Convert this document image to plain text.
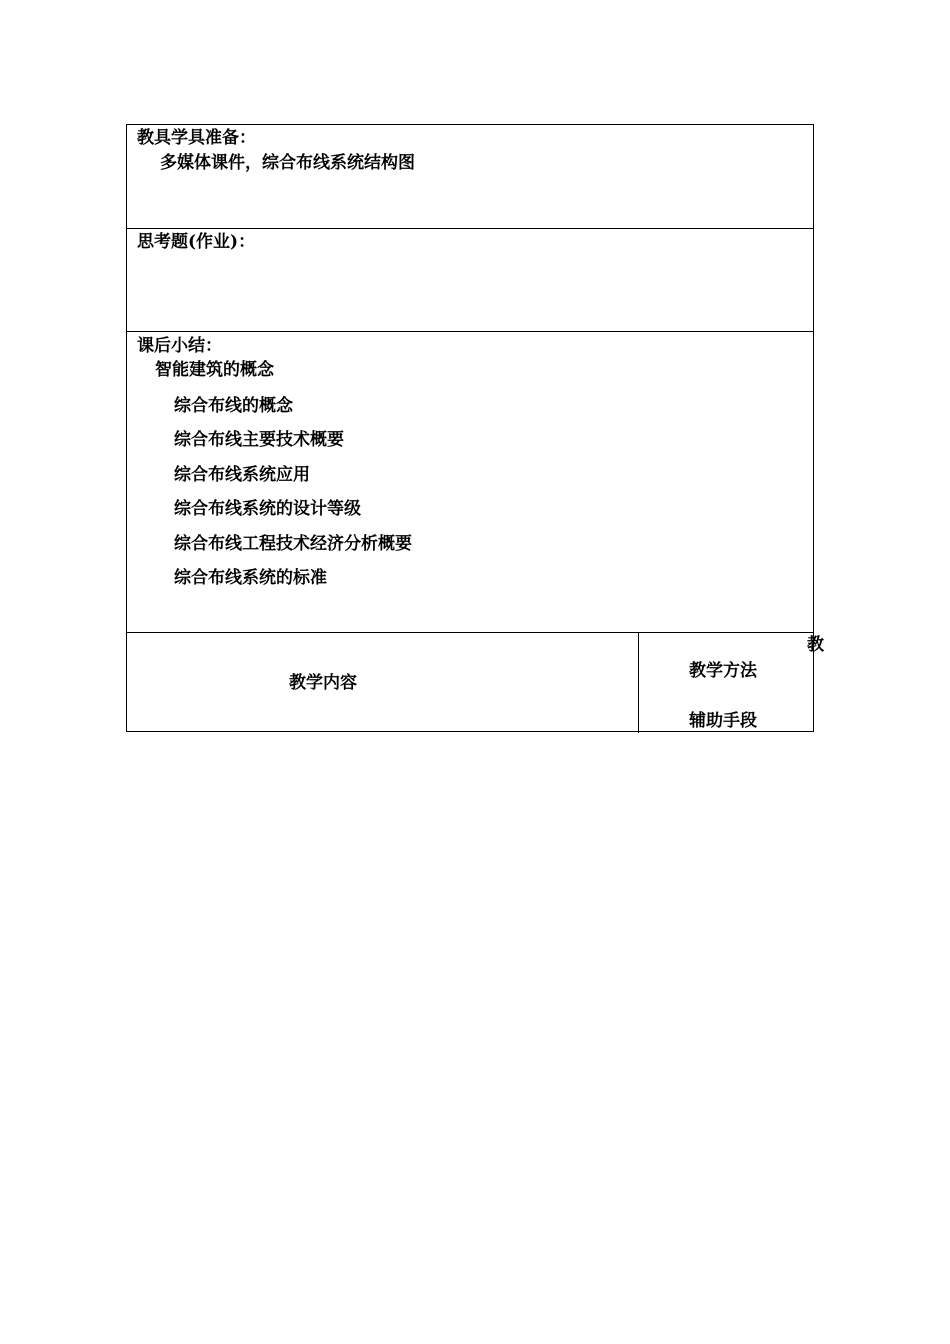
教具学具准备：
多媒体课件，综合布线系统结构图
思考题(作业)：
课后小结：
智能建筑的概念
综合布线的概念
综合布线主要技术概要
综合布线系统应用
综合布线系统的设计等级
综合布线工程技术经济分析概要
综合布线系统的标准
教学内容
教学方法
辅助手段
教
